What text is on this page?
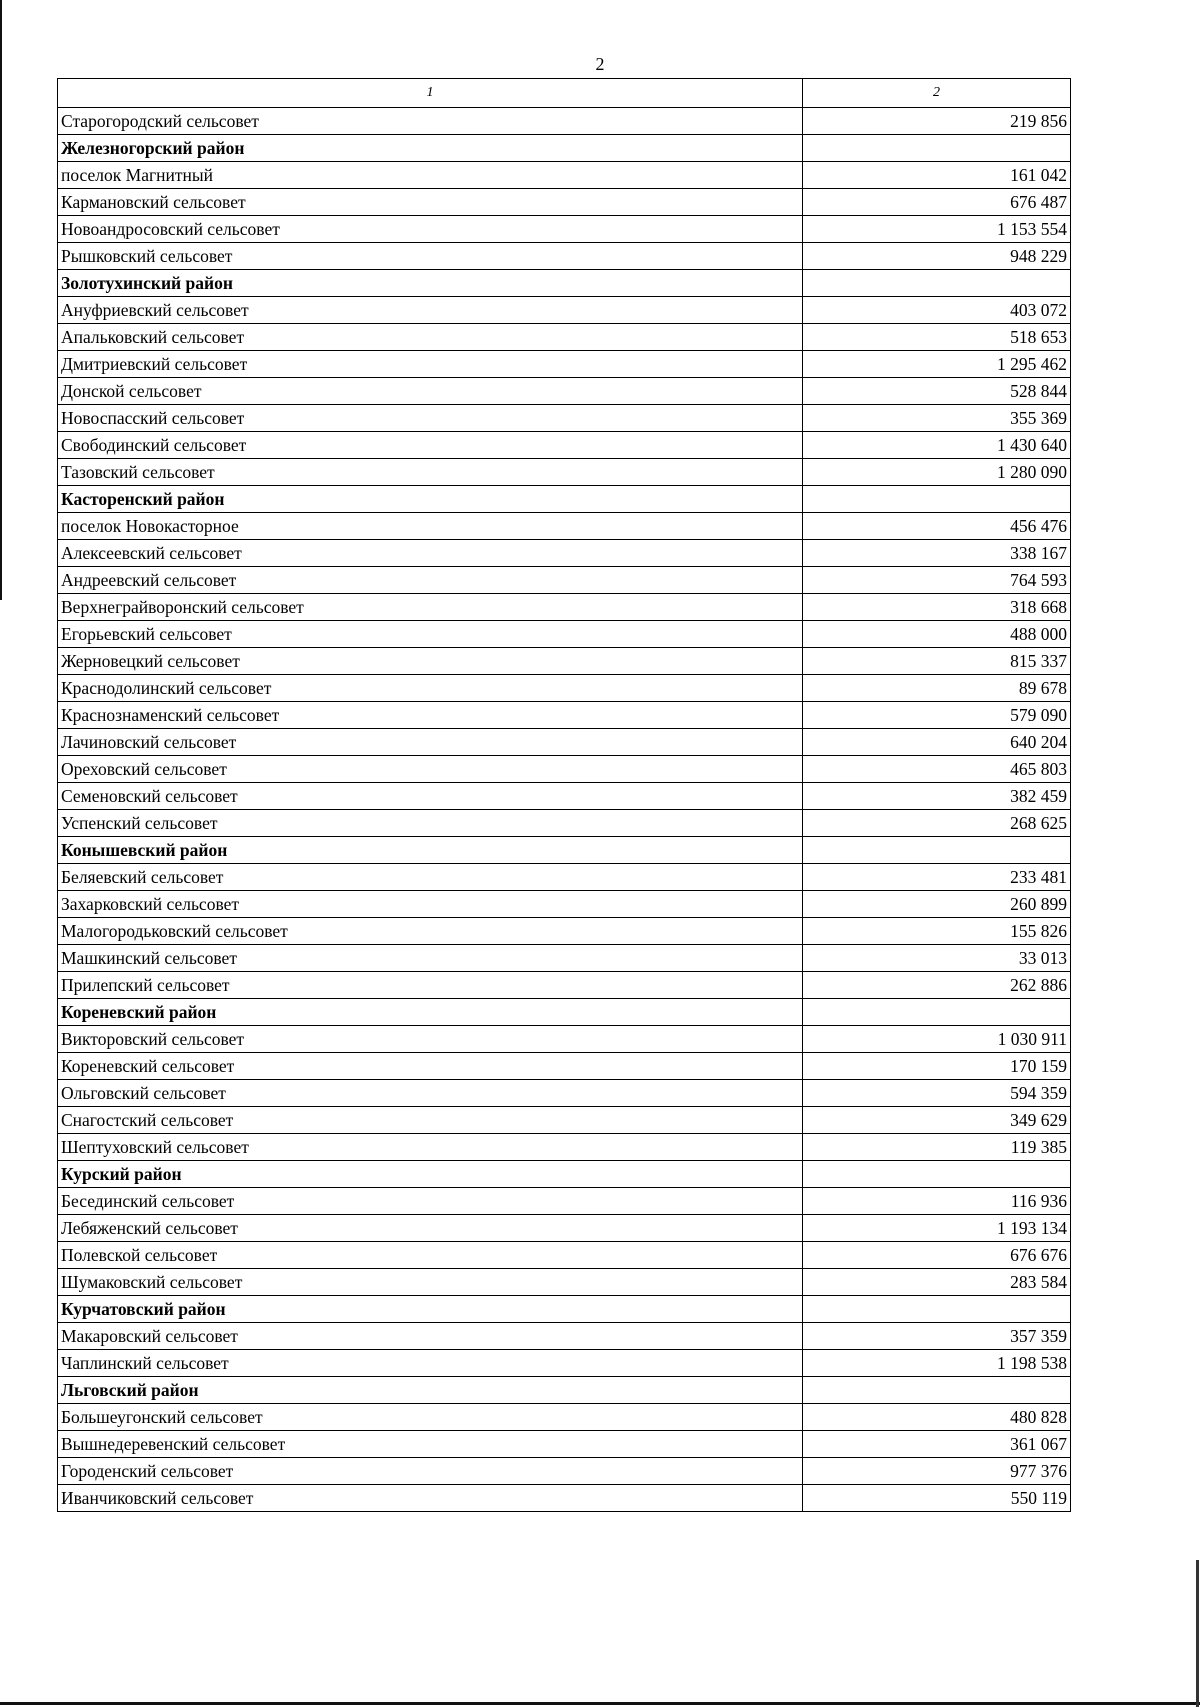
2
1	2
Старогородский сельсовет	219 856
Железногорский район	
поселок Магнитный	161 042
Кармановский сельсовет	676 487
Новоандросовский сельсовет	1 153 554
Рышковский сельсовет	948 229
Золотухинский район	
Ануфриевский сельсовет	403 072
Апальковский сельсовет	518 653
Дмитриевский сельсовет	1 295 462
Донской сельсовет	528 844
Новоспасский сельсовет	355 369
Свободинский сельсовет	1 430 640
Тазовский сельсовет	1 280 090
Касторенский район	
поселок Новокасторное	456 476
Алексеевский сельсовет	338 167
Андреевский сельсовет	764 593
Верхнеграйворонский сельсовет	318 668
Егорьевский сельсовет	488 000
Жерновецкий сельсовет	815 337
Краснодолинский сельсовет	89 678
Краснознаменский сельсовет	579 090
Лачиновский сельсовет	640 204
Ореховский сельсовет	465 803
Семеновский сельсовет	382 459
Успенский сельсовет	268 625
Конышевский район	
Беляевский сельсовет	233 481
Захарковский сельсовет	260 899
Малогородьковский сельсовет	155 826
Машкинский сельсовет	33 013
Прилепский сельсовет	262 886
Кореневский район	
Викторовский сельсовет	1 030 911
Кореневский сельсовет	170 159
Ольговский сельсовет	594 359
Снагостский сельсовет	349 629
Шептуховский сельсовет	119 385
Курский район	
Бесединский сельсовет	116 936
Лебяженский сельсовет	1 193 134
Полевской сельсовет	676 676
Шумаковский сельсовет	283 584
Курчатовский район	
Макаровский сельсовет	357 359
Чаплинский сельсовет	1 198 538
Льговский район	
Большеугонский сельсовет	480 828
Вышнедеревенский сельсовет	361 067
Городенский сельсовет	977 376
Иванчиковский сельсовет	550 119
